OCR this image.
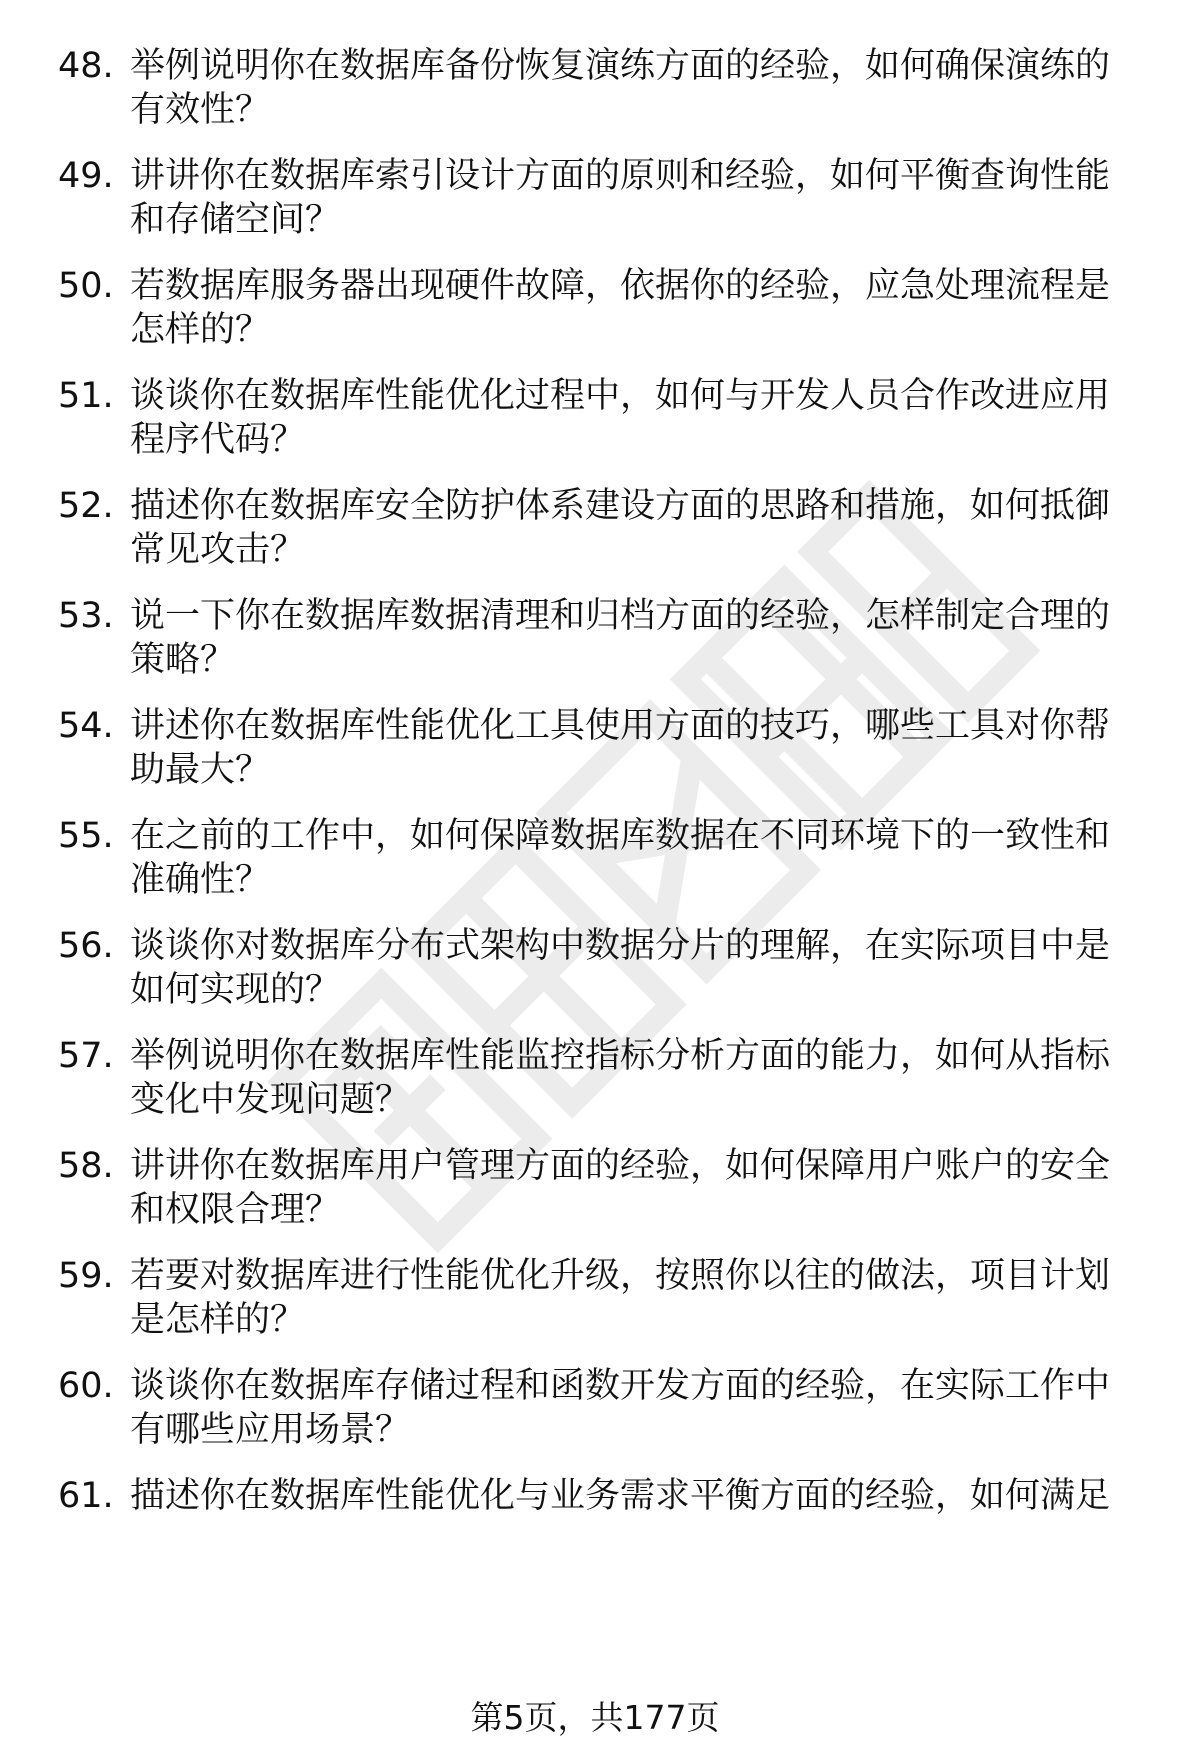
48. 举例说明你在数据库备份恢复演练方面的经验，如何确保演练的有效性？
49. 讲讲你在数据库索引设计方面的原则和经验，如何平衡查询性能和存储空间？
50. 若数据库服务器出现硬件故障，依据你的经验，应急处理流程是怎样的？
51. 谈谈你在数据库性能优化过程中，如何与开发人员合作改进应用程序代码？
52. 描述你在数据库安全防护体系建设方面的思路和措施，如何抵御常见攻击？
53. 说一下你在数据库数据清理和归档方面的经验，怎样制定合理的策略？
54. 讲述你在数据库性能优化工具使用方面的技巧，哪些工具对你帮助最大？
55. 在之前的工作中，如何保障数据库数据在不同环境下的一致性和准确性？
56. 谈谈你对数据库分布式架构中数据分片的理解，在实际项目中是如何实现的？
57. 举例说明你在数据库性能监控指标分析方面的能力，如何从指标变化中发现问题？
58. 讲讲你在数据库用户管理方面的经验，如何保障用户账户的安全和权限合理？
59. 若要对数据库进行性能优化升级，按照你以往的做法，项目计划是怎样的？
60. 谈谈你在数据库存储过程和函数开发方面的经验，在实际工作中有哪些应用场景？
61. 描述你在数据库性能优化与业务需求平衡方面的经验，如何满足
第5页，共177页
